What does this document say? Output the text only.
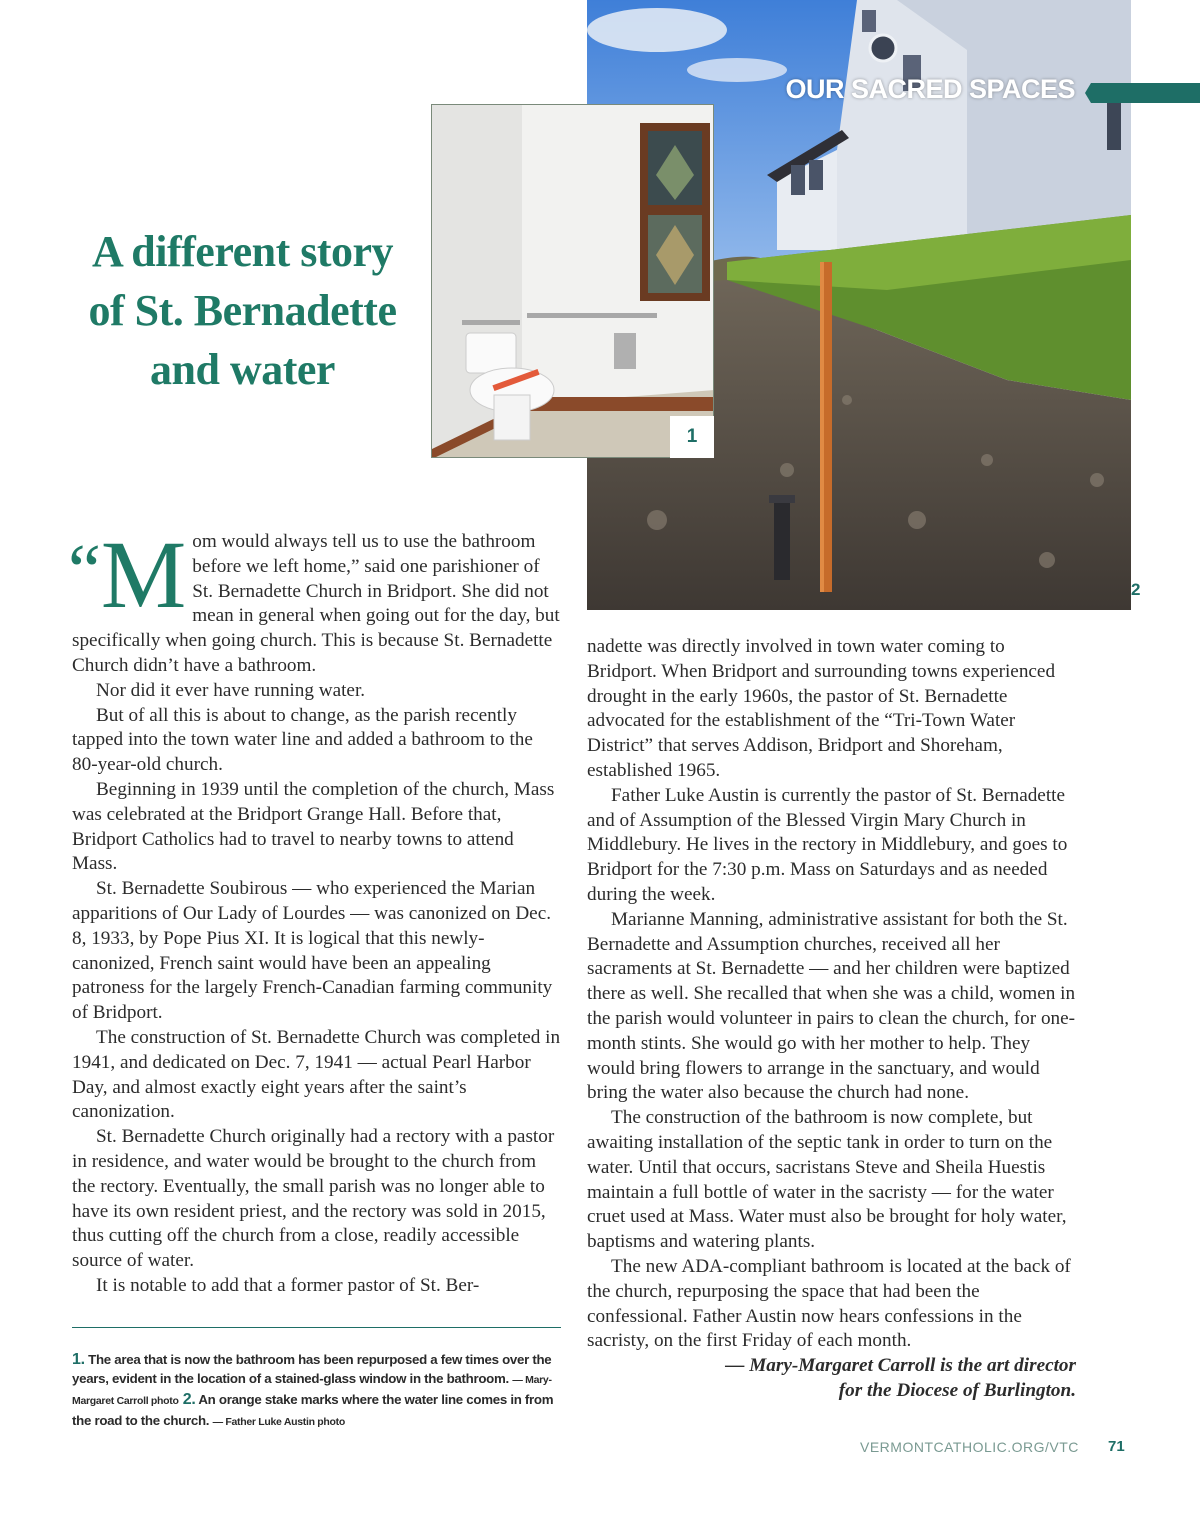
1
2
OUR SACRED SPACES
A different story
of St. Bernadette
and water

“M om would always tell us to use the bathroom before we left home,” said one parishioner of St. Bernadette Church in Bridport. She did not mean in general when going out for the day, but specifically when going church. This is because St. Bernadette Church didn’t have a bathroom.

Nor did it ever have running water.

But of all this is about to change, as the parish recently tapped into the town water line and added a bathroom to the 80-year-old church.

Beginning in 1939 until the completion of the church, Mass was celebrated at the Bridport Grange Hall. Before that, Bridport Catholics had to travel to nearby towns to attend Mass.

St. Bernadette Soubirous — who experienced the Marian apparitions of Our Lady of Lourdes — was canonized on Dec. 8, 1933, by Pope Pius XI. It is logical that this newly-canonized, French saint would have been an appealing patroness for the largely French-Canadian farming community of Bridport.

The construction of St. Bernadette Church was completed in 1941, and dedicated on Dec. 7, 1941 — actual Pearl Harbor Day, and almost exactly eight years after the saint’s canonization.

St. Bernadette Church originally had a rectory with a pastor in residence, and water would be brought to the church from the rectory. Eventually, the small parish was no longer able to have its own resident priest, and the rectory was sold in 2015, thus cutting off the church from a close, readily accessible source of water.

It is notable to add that a former pastor of St. Ber-

nadette was directly involved in town water coming to Bridport. When Bridport and surrounding towns experienced drought in the early 1960s, the pastor of St. Bernadette advocated for the establishment of the “Tri-Town Water District” that serves Addison, Bridport and Shoreham, established 1965.

Father Luke Austin is currently the pastor of St. Bernadette and of Assumption of the Blessed Virgin Mary Church in Middlebury. He lives in the rectory in Middlebury, and goes to Bridport for the 7:30 p.m. Mass on Saturdays and as needed during the week.

Marianne Manning, administrative assistant for both the St. Bernadette and Assumption churches, received all her sacraments at St. Bernadette — and her children were baptized there as well. She recalled that when she was a child, women in the parish would volunteer in pairs to clean the church, for one-month stints. She would go with her mother to help. They would bring flowers to arrange in the sanctuary, and would bring the water also because the church had none.

The construction of the bathroom is now complete, but awaiting installation of the septic tank in order to turn on the water. Until that occurs, sacristans Steve and Sheila Huestis maintain a full bottle of water in the sacristy — for the water cruet used at Mass. Water must also be brought for holy water, baptisms and watering plants.

The new ADA-compliant bathroom is located at the back of the church, repurposing the space that had been the confessional. Father Austin now hears confessions in the sacristy, on the first Friday of each month.

— Mary-Margaret Carroll is the art director
for the Diocese of Burlington.
1. The area that is now the bathroom has been repurposed a few times over the years, evident in the location of a stained-glass window in the bathroom. — Mary-Margaret Carroll photo 2. An orange stake marks where the water line comes in from the road to the church. — Father Luke Austin photo
VERMONTCATHOLIC.ORG/VTC 71
